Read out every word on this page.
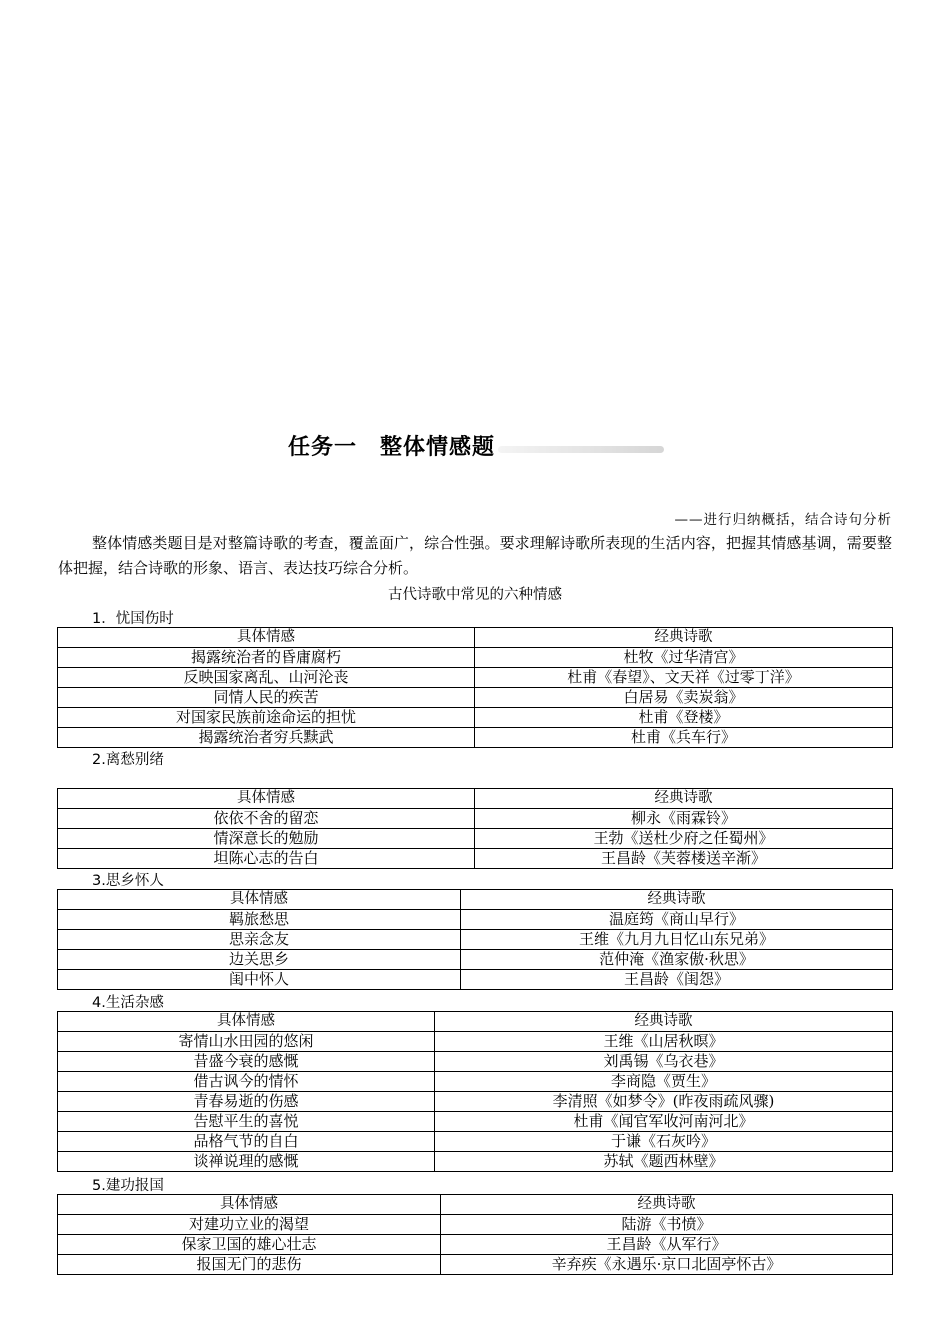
任务一　整体情感题
——进行归纳概括，结合诗句分析
整体情感类题目是对整篇诗歌的考查，覆盖面广，综合性强。要求理解诗歌所表现的生活内容，把握其情感基调，需要整体把握，结合诗歌的形象、语言、表达技巧综合分析。
古代诗歌中常见的六种情感
1．忧国伤时
具体情感	经典诗歌
揭露统治者的昏庸腐朽	杜牧《过华清宫》
反映国家离乱、山河沦丧	杜甫《春望》、文天祥《过零丁洋》
同情人民的疾苦	白居易《卖炭翁》
对国家民族前途命运的担忧	杜甫《登楼》
揭露统治者穷兵黩武	杜甫《兵车行》
2.离愁别绪
具体情感	经典诗歌
依依不舍的留恋	柳永《雨霖铃》
情深意长的勉励	王勃《送杜少府之任蜀州》
坦陈心志的告白	王昌龄《芙蓉楼送辛渐》
3.思乡怀人
具体情感	经典诗歌
羁旅愁思	温庭筠《商山早行》
思亲念友	王维《九月九日忆山东兄弟》
边关思乡	范仲淹《渔家傲·秋思》
闺中怀人	王昌龄《闺怨》
4.生活杂感
具体情感	经典诗歌
寄情山水田园的悠闲	王维《山居秋暝》
昔盛今衰的感慨	刘禹锡《乌衣巷》
借古讽今的情怀	李商隐《贾生》
青春易逝的伤感	李清照《如梦令》(昨夜雨疏风骤)
告慰平生的喜悦	杜甫《闻官军收河南河北》
品格气节的自白	于谦《石灰吟》
谈禅说理的感慨	苏轼《题西林壁》
5.建功报国
具体情感	经典诗歌
对建功立业的渴望	陆游《书愤》
保家卫国的雄心壮志	王昌龄《从军行》
报国无门的悲伤	辛弃疾《永遇乐·京口北固亭怀古》
